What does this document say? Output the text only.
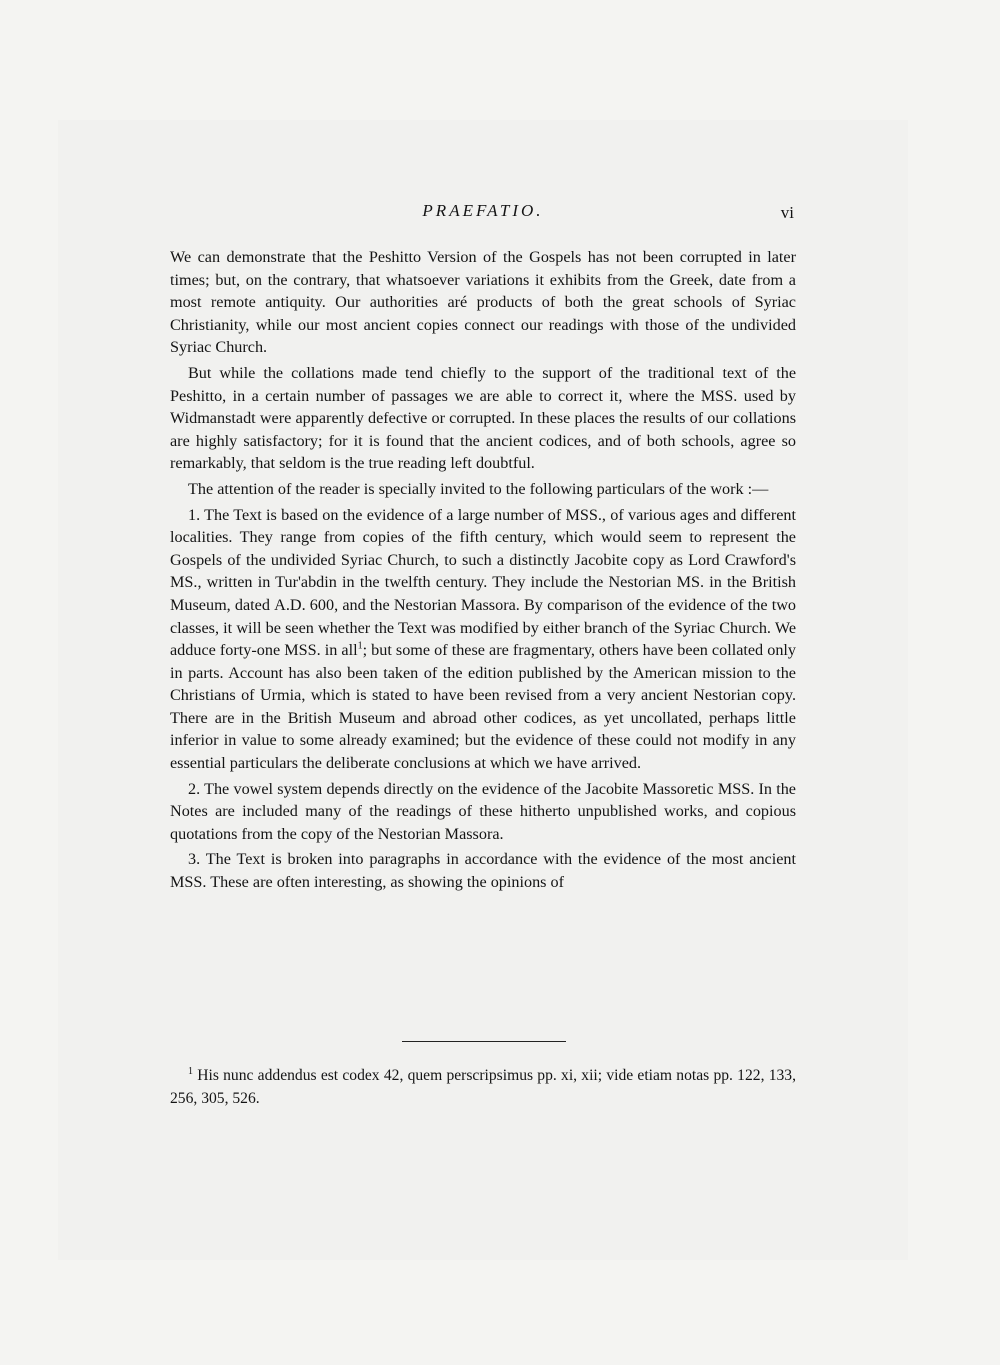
PRAEFATIO.	vi

We can demonstrate that the Peshitto Version of the Gospels has not been corrupted in later times; but, on the contrary, that whatsoever variations it exhibits from the Greek, date from a most remote antiquity. Our authorities aré products of both the great schools of Syriac Christianity, while our most ancient copies connect our readings with those of the undivided Syriac Church.

But while the collations made tend chiefly to the support of the traditional text of the Peshitto, in a certain number of passages we are able to correct it, where the MSS. used by Widmanstadt were apparently defective or corrupted. In these places the results of our collations are highly satisfactory; for it is found that the ancient codices, and of both schools, agree so remarkably, that seldom is the true reading left doubtful.

The attention of the reader is specially invited to the following particulars of the work :—

1. The Text is based on the evidence of a large number of MSS., of various ages and different localities. They range from copies of the fifth century, which would seem to represent the Gospels of the undivided Syriac Church, to such a distinctly Jacobite copy as Lord Crawford's MS., written in Tur'abdin in the twelfth century. They include the Nestorian MS. in the British Museum, dated A.D. 600, and the Nestorian Massora. By comparison of the evidence of the two classes, it will be seen whether the Text was modified by either branch of the Syriac Church. We adduce forty-one MSS. in all$^1$; but some of these are fragmentary, others have been collated only in parts. Account has also been taken of the edition published by the American mission to the Christians of Urmia, which is stated to have been revised from a very ancient Nestorian copy. There are in the British Museum and abroad other codices, as yet uncollated, perhaps little inferior in value to some already examined; but the evidence of these could not modify in any essential particulars the deliberate conclusions at which we have arrived.

2. The vowel system depends directly on the evidence of the Jacobite Massoretic MSS. In the Notes are included many of the readings of these hitherto unpublished works, and copious quotations from the copy of the Nestorian Massora.

3. The Text is broken into paragraphs in accordance with the evidence of the most ancient MSS. These are often interesting, as showing the opinions of

$^1$ His nunc addendus est codex 42, quem perscripsimus pp. xi, xii; vide etiam notas pp. 122, 133, 256, 305, 526.
